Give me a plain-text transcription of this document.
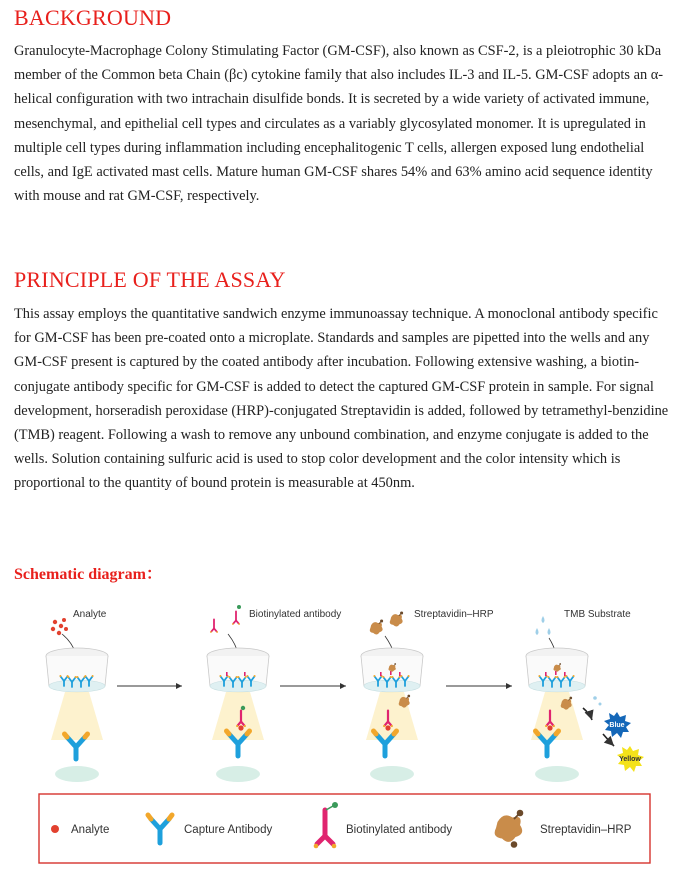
BACKGROUND

Granulocyte-Macrophage Colony Stimulating Factor (GM-CSF), also known as CSF-2, is a pleiotrophic 30 kDa member of the Common beta Chain (βc) cytokine family that also includes IL-3 and IL-5. GM-CSF adopts an α-helical configuration with two intrachain disulfide bonds. It is secreted by a wide variety of activated immune, mesenchymal, and epithelial cell types and circulates as a variably glycosylated monomer. It is upregulated in multiple cell types during inflammation including encephalitogenic T cells, allergen exposed lung endothelial cells, and IgE activated mast cells. Mature human GM-CSF shares 54% and 63% amino acid sequence identity with mouse and rat GM-CSF, respectively.

PRINCIPLE OF THE ASSAY

This assay employs the quantitative sandwich enzyme immunoassay technique. A monoclonal antibody specific for GM-CSF has been pre-coated onto a microplate. Standards and samples are pipetted into the wells and any GM-CSF present is captured by the coated antibody after incubation. Following extensive washing, a biotin-conjugate antibody specific for GM-CSF is added to detect the captured GM-CSF protein in sample. For signal development, horseradish peroxidase (HRP)-conjugated Streptavidin is added, followed by tetramethyl-benzidine (TMB) reagent. Following a wash to remove any unbound combination, and enzyme conjugate is added to the wells. Solution containing sulfuric acid is used to stop color development and the color intensity which is proportional to the quantity of bound protein is measurable at 450nm.

Schematic diagram：
Analyte	Biotinylated antibody	Streptavidin–HRP	TMB Substrate
Blue
Yellow
Analyte	Capture Antibody	Biotinylated antibody	Streptavidin–HRP
